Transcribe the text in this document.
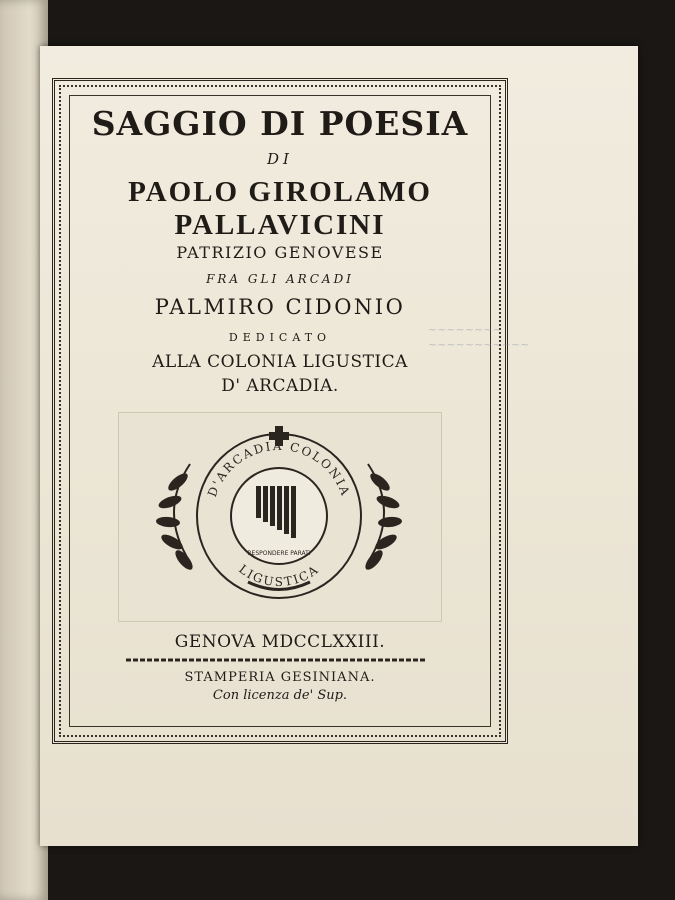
SAGGIO DI POESIA
DI
PAOLO GIROLAMO
PALLAVICINI
PATRIZIO GENOVESE
FRA GLI ARCADI
PALMIRO CIDONIO
DEDICATO
ALLA COLONIA LIGUSTICA
D' ARCADIA.
~~~~~~~~
~~~~~~~~~~~
D'ARCADIA COLONIA
LIGUSTICA
RESPONDERE PARATI
GENOVA MDCCLXXIII.
STAMPERIA GESINIANA.
Con licenza de' Sup.
